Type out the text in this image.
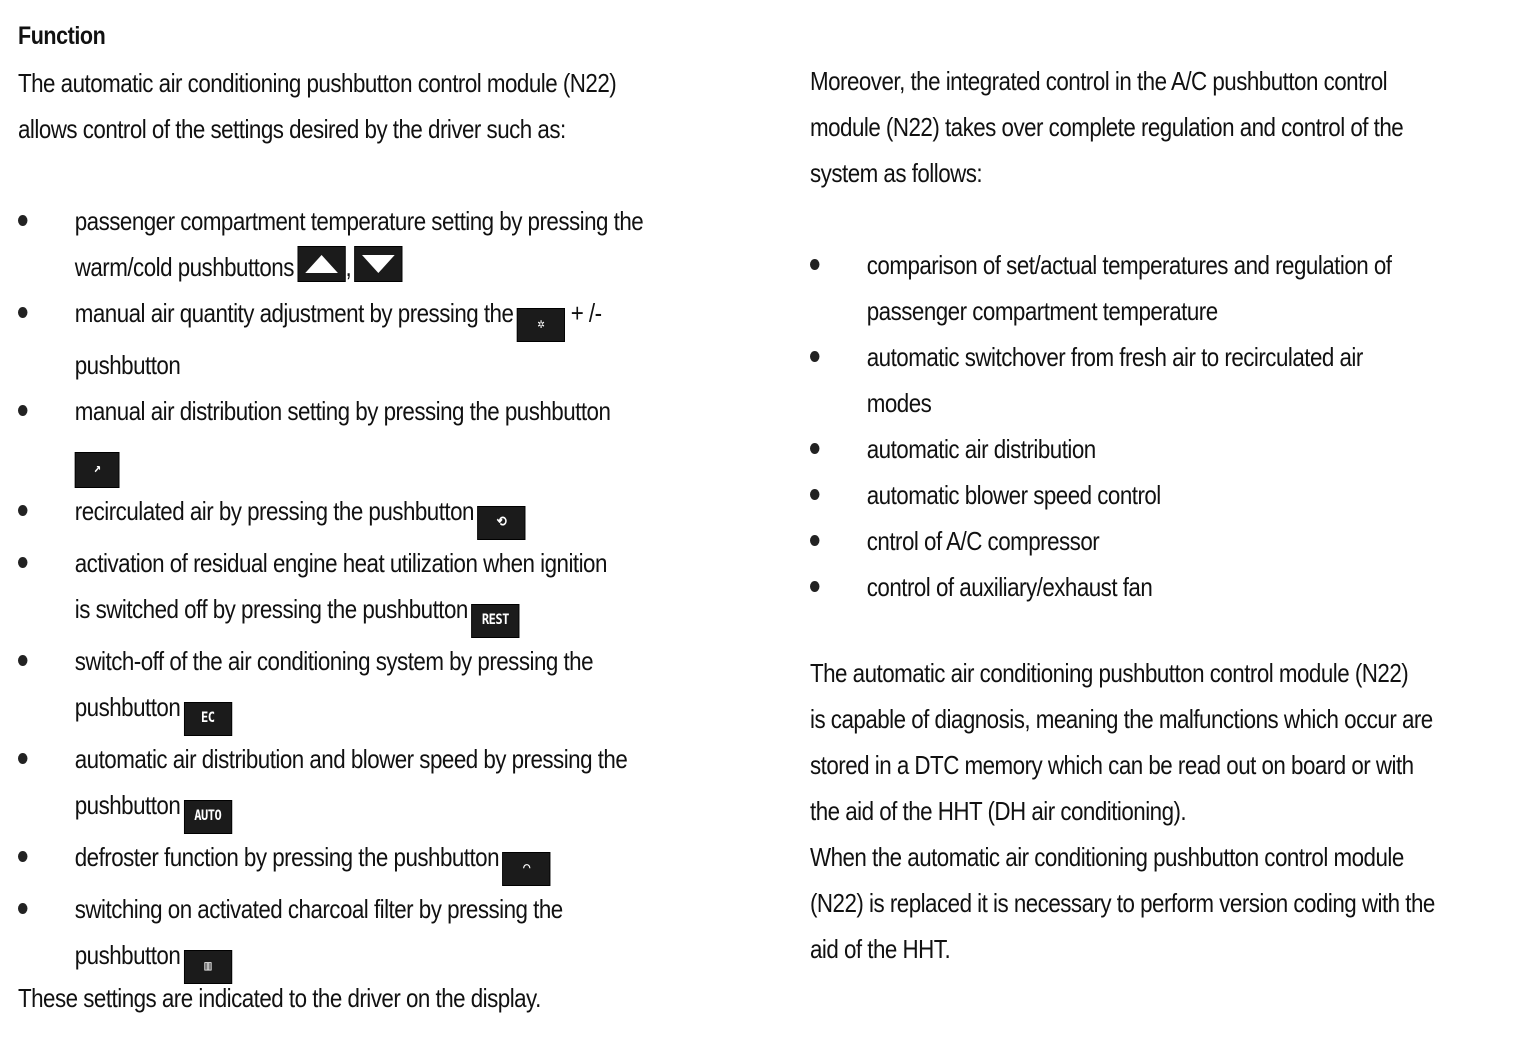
Function
The automatic air conditioning pushbutton control module (N22)
allows control of the settings desired by the driver such as:
passenger compartment temperature setting by pressing the
warm/cold pushbuttons ,
manual air quantity adjustment by pressing the ✲ + /-
pushbutton
manual air distribution setting by pressing the pushbutton
↗
recirculated air by pressing the pushbutton ⟲
activation of residual engine heat utilization when ignition
is switched off by pressing the pushbutton REST
switch-off of the air conditioning system by pressing the
pushbutton EC
automatic air distribution and blower speed by pressing the
pushbutton AUTO
defroster function by pressing the pushbutton ◠
switching on activated charcoal filter by pressing the
pushbutton ▥
These settings are indicated to the driver on the display.
Moreover, the integrated control in the A/C pushbutton control
module (N22) takes over complete regulation and control of the
system as follows:
comparison of set/actual temperatures and regulation of
passenger compartment temperature
automatic switchover from fresh air to recirculated air
modes
automatic air distribution
automatic blower speed control
cntrol of A/C compressor
control of auxiliary/exhaust fan
The automatic air conditioning pushbutton control module (N22)
is capable of diagnosis, meaning the malfunctions which occur are
stored in a DTC memory which can be read out on board or with
the aid of the HHT (DH air conditioning).
When the automatic air conditioning pushbutton control module
(N22) is replaced it is necessary to perform version coding with the
aid of the HHT.
